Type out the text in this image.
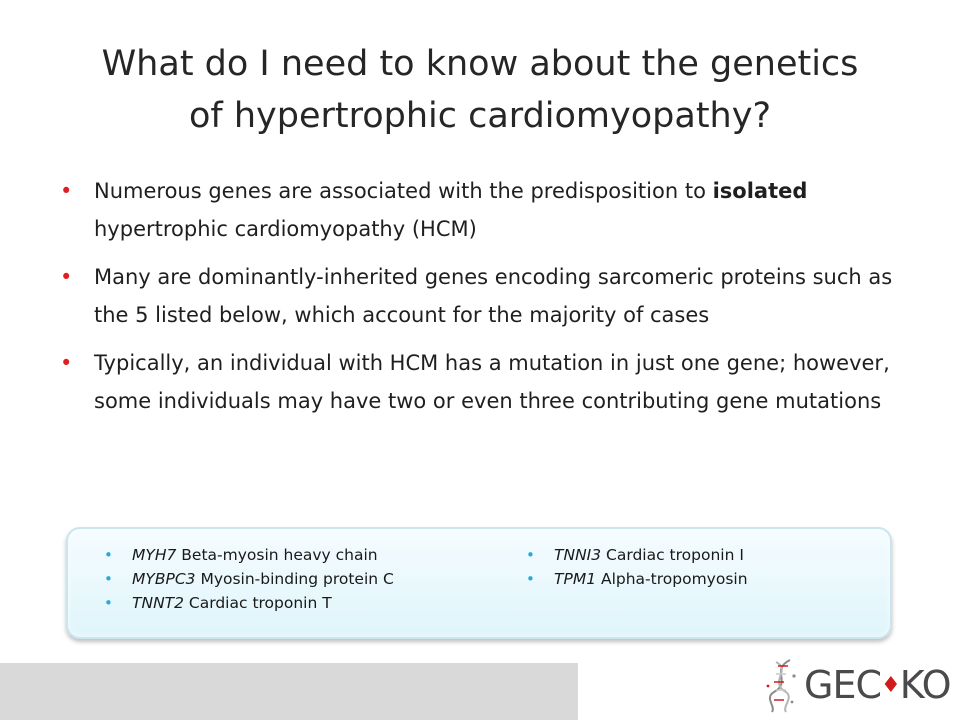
What do I need to know about the genetics
of hypertrophic cardiomyopathy?
• Numerous genes are associated with the predisposition to isolated hypertrophic cardiomyopathy (HCM)
• Many are dominantly-inherited genes encoding sarcomeric proteins such as the 5 listed below, which account for the majority of cases
• Typically, an individual with HCM has a mutation in just one gene; however, some individuals may have two or even three contributing gene mutations
• MYH7 Beta-myosin heavy chain
• MYBPC3 Myosin-binding protein C
• TNNT2 Cardiac troponin T
• TNNI3 Cardiac troponin I
• TPM1 Alpha-tropomyosin
GEC♦KO
